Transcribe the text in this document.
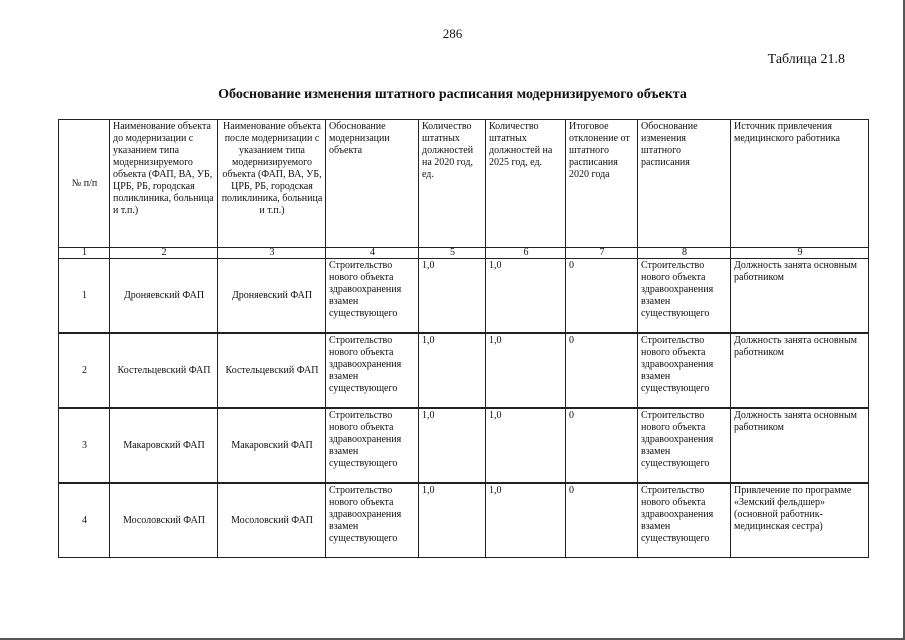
286
Таблица 21.8
Обоснование изменения штатного расписания модернизируемого объекта
№ п/п	Наименование объекта до модернизации с указанием типа модернизируемого объекта (ФАП, ВА, УБ, ЦРБ, РБ, городская поликлиника, больница и т.п.)	Наименование объекта после модернизации с указанием типа модернизируемого объекта (ФАП, ВА, УБ, ЦРБ, РБ, городская поликлиника, больница и т.п.)	Обоснование модернизации объекта	Количество штатных должностей на 2020 год, ед.	Количество штатных должностей на 2025 год, ед.	Итоговое отклонение от штатного расписания 2020 года	Обоснование изменения штатного расписания	Источник привлечения медицинского работника
1	2	3	4	5	6	7	8	9
1	Дроняевский ФАП	Дроняевский ФАП	Строительство нового объекта здравоохранения взамен существующего	1,0	1,0	0	Строительство нового объекта здравоохранения взамен существующего	Должность занята основным работником
2	Костельцевский ФАП	Костельцевский ФАП	Строительство нового объекта здравоохранения взамен существующего	1,0	1,0	0	Строительство нового объекта здравоохранения взамен существующего	Должность занята основным работником
3	Макаровский ФАП	Макаровский ФАП	Строительство нового объекта здравоохранения взамен существующего	1,0	1,0	0	Строительство нового объекта здравоохранения взамен существующего	Должность занята основным работником
4	Мосоловский ФАП	Мосоловский ФАП	Строительство нового объекта здравоохранения взамен существующего	1,0	1,0	0	Строительство нового объекта здравоохранения взамен существующего	Привлечение по программе «Земский фельдшер» (основной работник- медицинская сестра)
